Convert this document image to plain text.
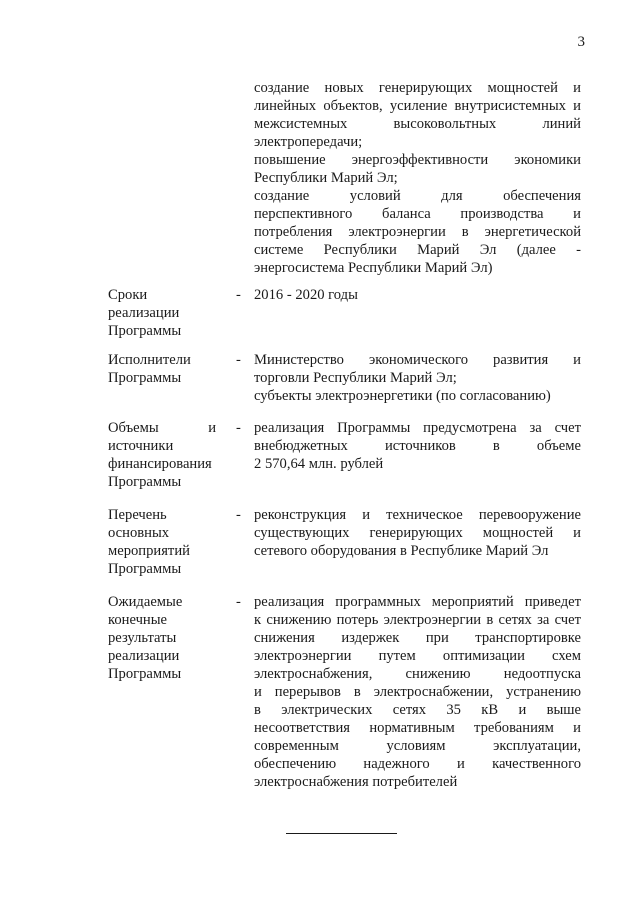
3
создание новых генерирующих мощностей и
линейных объектов, усиление внутрисистемных и
межсистемных высоковольтных линий
электропередачи;
повышение энергоэффективности экономики
Республики Марий Эл;
создание условий для обеспечения
перспективного баланса производства и
потребления электроэнергии в энергетической
системе Республики Марий Эл (далее -
энергосистема Республики Марий Эл)
Сроки
реализации
Программы
- 2016 - 2020 годы
Исполнители
Программы
- Министерство экономического развития и
торговли Республики Марий Эл;
субъекты электроэнергетики (по согласованию)
Объемы и
источники
финансирования
Программы
- реализация Программы предусмотрена за счет
внебюджетных источников в объеме
2 570,64 млн. рублей
Перечень
основных
мероприятий
Программы
- реконструкция и техническое перевооружение
существующих генерирующих мощностей и
сетевого оборудования в Республике Марий Эл
Ожидаемые
конечные
результаты
реализации
Программы
- реализация программных мероприятий приведет
к снижению потерь электроэнергии в сетях за счет
снижения издержек при транспортировке
электроэнергии путем оптимизации схем
электроснабжения, снижению недоотпуска
и перерывов в электроснабжении, устранению
в электрических сетях 35 кВ и выше
несоответствия нормативным требованиям и
современным условиям эксплуатации,
обеспечению надежного и качественного
электроснабжения потребителей
